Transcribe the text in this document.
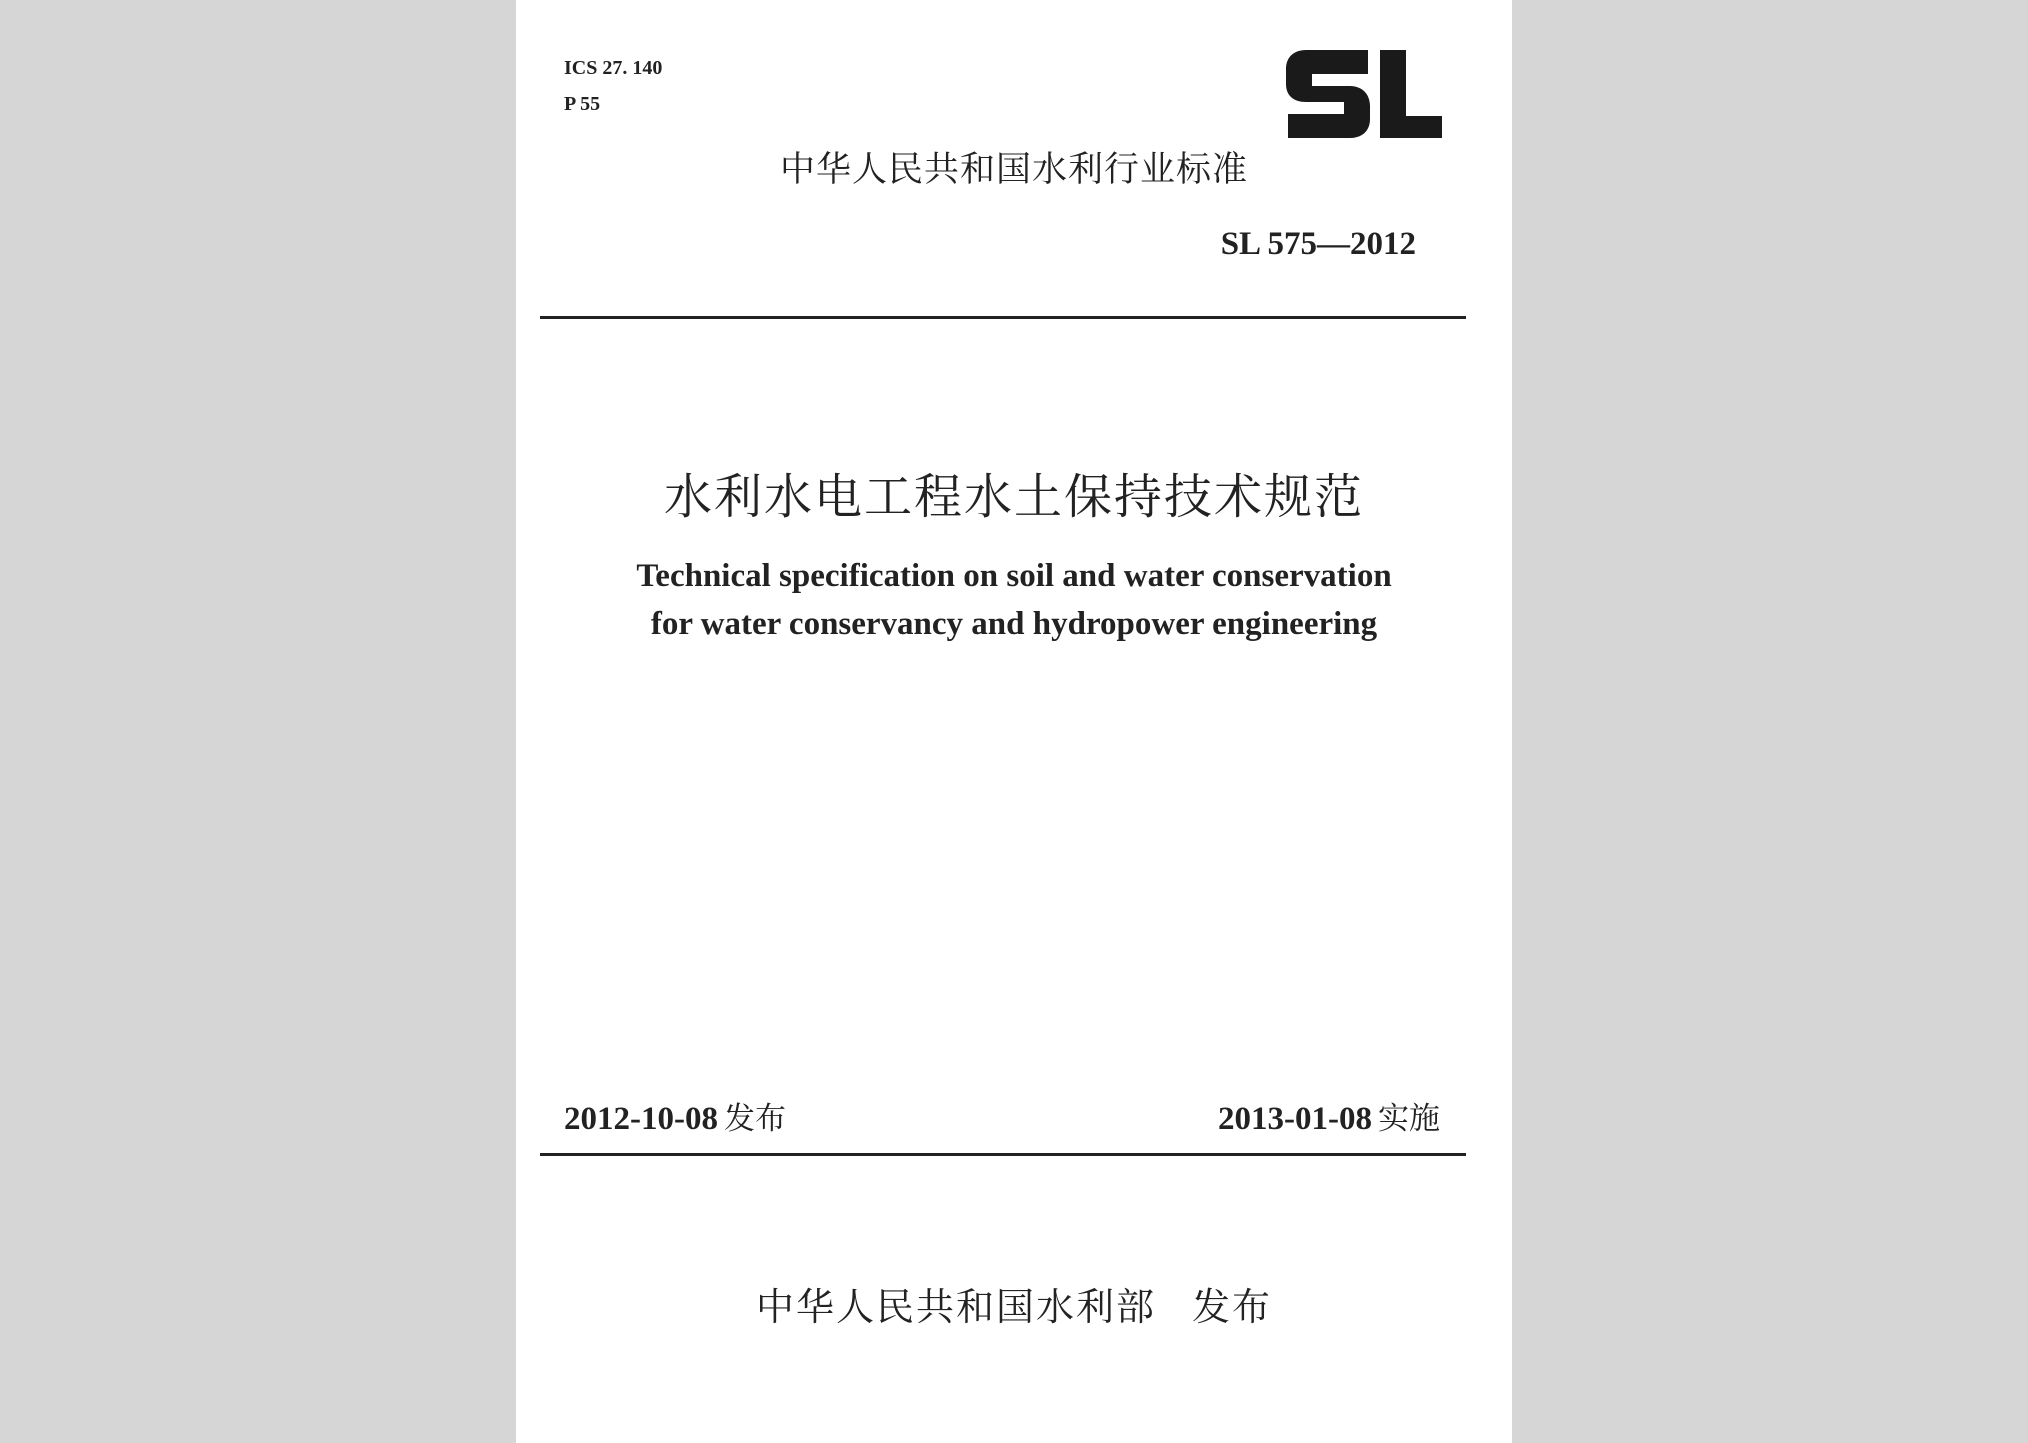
ICS 27. 140
P 55
中华人民共和国水利行业标准
SL 575—2012
水利水电工程水土保持技术规范
Technical specification on soil and water conservation
for water conservancy and hydropower engineering
2012-10-08 发布	2013-01-08 实施
中华人民共和国水利部 发布
